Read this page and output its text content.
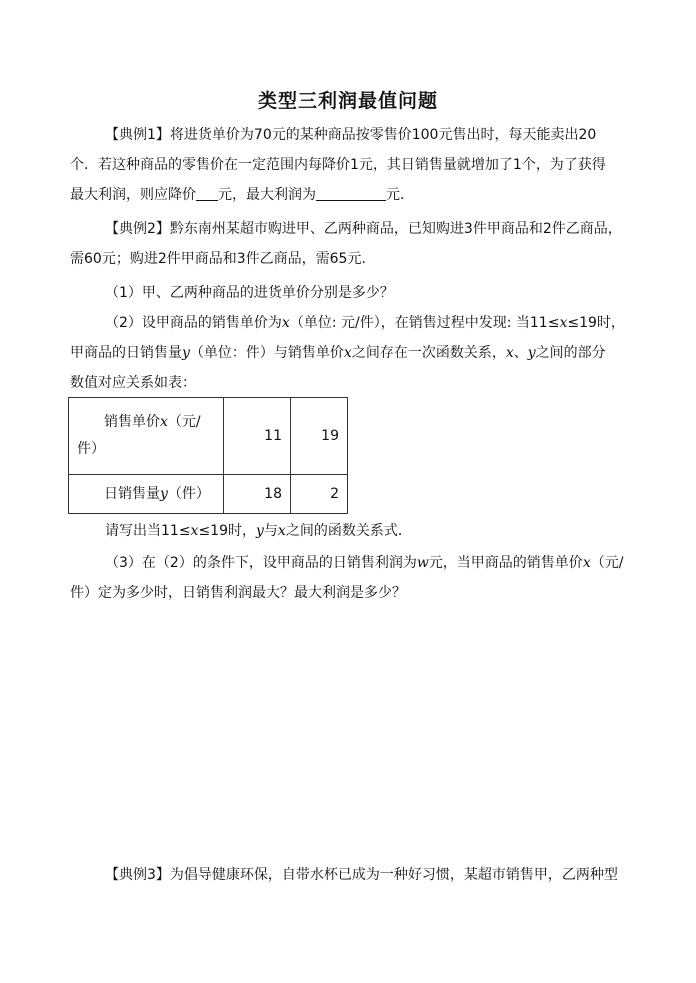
类型三利润最值问题
【典例1】将进货单价为70元的某种商品按零售价100元售出时，每天能卖出20
个．若这种商品的零售价在一定范围内每降价1元，其日销售量就增加了1个，为了获得
最大利润，则应降价 元，最大利润为	元．
【典例2】黔东南州某超市购进甲、乙两种商品，已知购进3件甲商品和2件乙商品，
需60元；购进2件甲商品和3件乙商品，需65元．
（1）甲、乙两种商品的进货单价分别是多少？
（2）设甲商品的销售单价为x（单位: 元/件），在销售过程中发现: 当11≤x≤19时，
甲商品的日销售量y（单位：件）与销售单价x之间存在一次函数关系，x、y之间的部分
数值对应关系如表：
销售单价x（元/
件）	11	19
日销售量y（件）	18	2
请写出当11≤x≤19时，y与x之间的函数关系式．
（3）在（2）的条件下，设甲商品的日销售利润为w元，当甲商品的销售单价x（元/
件）定为多少时，日销售利润最大？最大利润是多少？
【典例3】为倡导健康环保，自带水杯已成为一种好习惯，某超市销售甲，乙两种型
